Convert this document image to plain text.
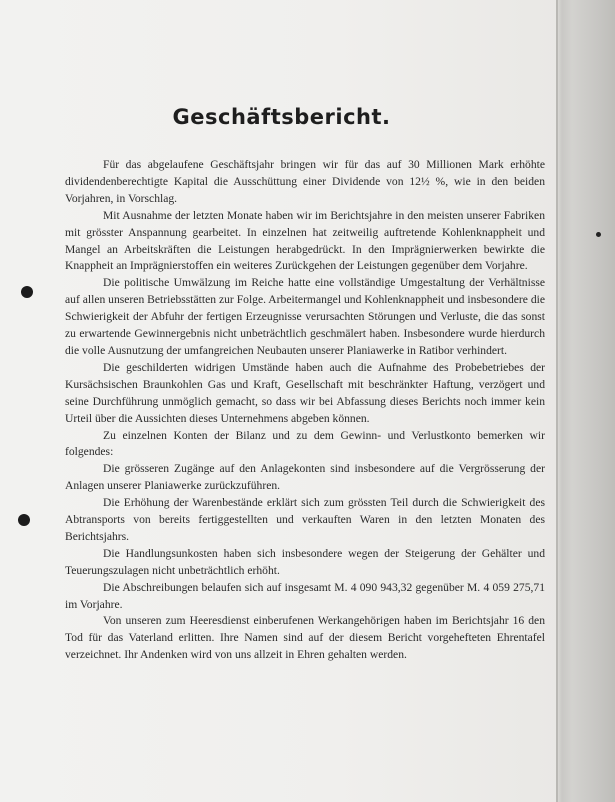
Geschäftsbericht.

Für das abgelaufene Geschäftsjahr bringen wir für das auf 30 Millionen Mark erhöhte dividendenberechtigte Kapital die Ausschüttung einer Dividende von 12½ %, wie in den beiden Vorjahren, in Vorschlag.

Mit Ausnahme der letzten Monate haben wir im Berichtsjahre in den meisten unserer Fabriken mit grösster Anspannung gearbeitet. In einzelnen hat zeitweilig auftretende Kohlenknappheit und Mangel an Arbeitskräften die Leistungen herabgedrückt. In den Imprägnierwerken bewirkte die Knappheit an Imprägnierstoffen ein weiteres Zurückgehen der Leistungen gegenüber dem Vorjahre.

Die politische Umwälzung im Reiche hatte eine vollständige Umgestaltung der Verhältnisse auf allen unseren Betriebsstätten zur Folge. Arbeitermangel und Kohlenknappheit und insbesondere die Schwierigkeit der Abfuhr der fertigen Erzeugnisse verursachten Störungen und Verluste, die das sonst zu erwartende Gewinnergebnis nicht unbeträchtlich geschmälert haben. Insbesondere wurde hierdurch die volle Ausnutzung der umfangreichen Neubauten unserer Planiawerke in Ratibor verhindert.

Die geschilderten widrigen Umstände haben auch die Aufnahme des Probebetriebes der Kursächsischen Braunkohlen Gas und Kraft, Gesellschaft mit beschränkter Haftung, verzögert und seine Durchführung unmöglich gemacht, so dass wir bei Abfassung dieses Berichts noch immer kein Urteil über die Aussichten dieses Unternehmens abgeben können.

Zu einzelnen Konten der Bilanz und zu dem Gewinn- und Verlustkonto bemerken wir folgendes:

Die grösseren Zugänge auf den Anlagekonten sind insbesondere auf die Vergrösserung der Anlagen unserer Planiawerke zurückzuführen.

Die Erhöhung der Warenbestände erklärt sich zum grössten Teil durch die Schwierigkeit des Abtransports von bereits fertiggestellten und verkauften Waren in den letzten Monaten des Berichtsjahrs.

Die Handlungsunkosten haben sich insbesondere wegen der Steigerung der Gehälter und Teuerungszulagen nicht unbeträchtlich erhöht.

Die Abschreibungen belaufen sich auf insgesamt M. 4 090 943,32 gegenüber M. 4 059 275,71 im Vorjahre.

Von unseren zum Heeresdienst einberufenen Werkangehörigen haben im Berichtsjahr 16 den Tod für das Vaterland erlitten. Ihre Namen sind auf der diesem Bericht vorgehefteten Ehrentafel verzeichnet. Ihr Andenken wird von uns allzeit in Ehren gehalten werden.
